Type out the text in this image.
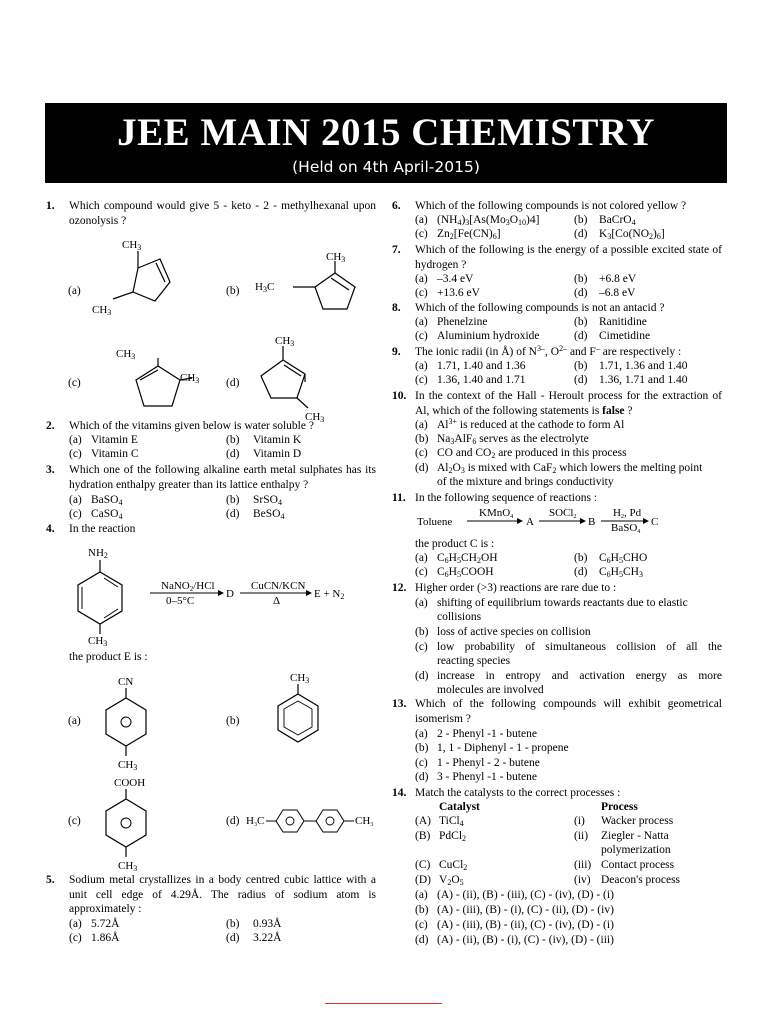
JEE MAIN 2015 CHEMISTRY
(Held on 4th April-2015)
1. Which compound would give 5 - keto - 2 - methylhexanal upon ozonolysis ?
(a)
CH3
CH3
(b)
CH3
H3C
(c)
CH3
CH3 (d)
CH3
CH3
2. Which of the vitamins given below is water soluble ?
(a) Vitamin E	(b) Vitamin K
(c) Vitamin C	(d) Vitamin D
3. Which one of the following alkaline earth metal sulphates has its hydration enthalpy greater than its lattice enthalpy ?
(a) BaSO$_4$	(b) SrSO$_4$
(c) CaSO$_4$	(d) BeSO$_4$
4. In the reaction
NH2
CH3
NaNO2/HCl
0–5°C
D
CuCN/KCN
Δ
E + N2
the product E is :
(a)
CN
CH3
(b)
CH3
(c)
COOH
CH3
(d) H3C	CH3
5. Sodium metal crystallizes in a body centred cubic lattice with a unit cell edge of 4.29Å. The radius of sodium atom is approximately :
(a) 5.72Å	(b) 0.93Å
(c) 1.86Å	(d) 3.22Å
6. Which of the following compounds is not colored yellow ?
(a) $(NH_4)_3[As(Mo_3O_{10})4]$	(b) BaCrO$_4$
(c) $Zn_2[Fe(CN)_6]$	(d) $K_3[Co(NO_2)_6]$
7. Which of the following is the energy of a possible excited state of hydrogen ?
(a) –3.4 eV	(b) +6.8 eV
(c) +13.6 eV	(d) –6.8 eV
8. Which of the following compounds is not an antacid ?
(a) Phenelzine	(b) Ranitidine
(c) Aluminium hydroxide	(d) Cimetidine
9. The ionic radii (in Å) of $N^{3-}$, $O^{2-}$ and F– are respectively :
(a) 1.71, 1.40 and 1.36	(b) 1.71, 1.36 and 1.40
(c) 1.36, 1.40 and 1.71	(d) 1.36, 1.71 and 1.40
10. In the context of the Hall - Heroult process for the extraction of Al, which of the following statements is false ?
(a) $Al^{3+}$ is reduced at the cathode to form Al
(b) $Na_3AlF_6$ serves as the electrolyte
(c) CO and $CO_2$ are produced in this process
(d) $Al_2O_3$ is mixed with CaF$_2$ which lowers the melting point
of the mixture and brings conductivity
11. In the following sequence of reactions :
Toluene
KMnO4 A
SOCl2 B
H2, Pd
BaSO4
C
the product C is :
(a) $C_6H_5CH_2OH$	(b) $C_6H_5CHO$
(c) $C_6H_5COOH$	(d) $C_6H_5CH_3$
12. Higher order (>3) reactions are rare due to :
(a) shifting of equilibrium towards reactants due to elastic
collisions
(b) loss of active species on collision
(c) low probability of simultaneous collision of all the
reacting species
(d) increase in entropy and activation energy as more
molecules are involved
13. Which of the following compounds will exhibit geometrical isomerism ?
(a) 2 - Phenyl -1 - butene
(b) 1, 1 - Diphenyl - 1 - propene
(c) 1 - Phenyl - 2 - butene
(d) 3 - Phenyl -1 - butene
14. Match the catalysts to the correct processes :
Catalyst	Process
(A) TiCl$_4$	(i) Wacker process
(B) PdCl$_2$	(ii) Ziegler - Natta
polymerization
(C) CuCl$_2$	(iii) Contact process
(D) $V_2O_5$	(iv) Deacon's process
(a) (A) - (ii), (B) - (iii), (C) - (iv), (D) - (i)
(b) (A) - (iii), (B) - (i), (C) - (ii), (D) - (iv)
(c) (A) - (iii), (B) - (ii), (C) - (iv), (D) - (i)
(d) (A) - (ii), (B) - (i), (C) - (iv), (D) - (iii)
